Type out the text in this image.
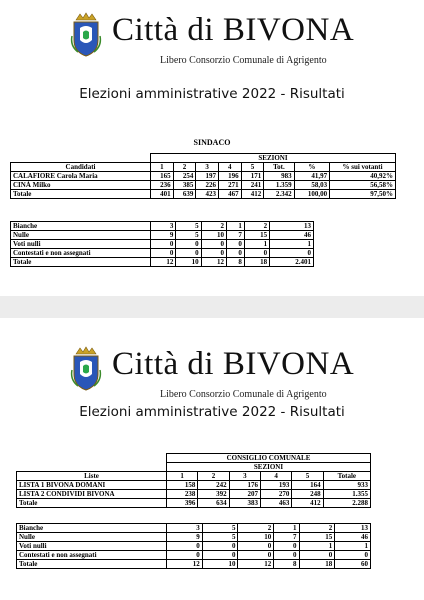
Città di BIVONA
Libero Consorzio Comunale di Agrigento
Elezioni amministrative 2022 - Risultati
SINDACO
	SEZIONI							
Candidati	1	2	3	4	5	Tot.	%	% sui votanti
CALAFIORE Carola Maria	165	254	197	196	171	983	41,97	40,92%
CINÀ Milko	236	385	226	271	241	1.359	58,03	56,58%
Totale	401	639	423	467	412	2.342	100,00	97,50%
Bianche	3	5	2	1	2	13
Nulle	9	5	10	7	15	46
Voti nulli	0	0	0	0	1	1
Contestati e non assegnati	0	0	0	0	0	0
Totale	12	10	12	8	18	2.401
Città di BIVONA
Libero Consorzio Comunale di Agrigento
Elezioni amministrative 2022 - Risultati
	CONSIGLIO COMUNALE					
	SEZIONI					
Liste	1	2	3	4	5	Totale
LISTA 1 BIVONA DOMANI	158	242	176	193	164	933
LISTA 2 CONDIVIDI BIVONA	238	392	207	270	248	1.355
Totale	396	634	383	463	412	2.288
Bianche	3	5	2	1	2	13
Nulle	9	5	10	7	15	46
Voti nulli	0	0	0	0	1	1
Contestati e non assegnati	0	0	0	0	0	0
Totale	12	10	12	8	18	60
